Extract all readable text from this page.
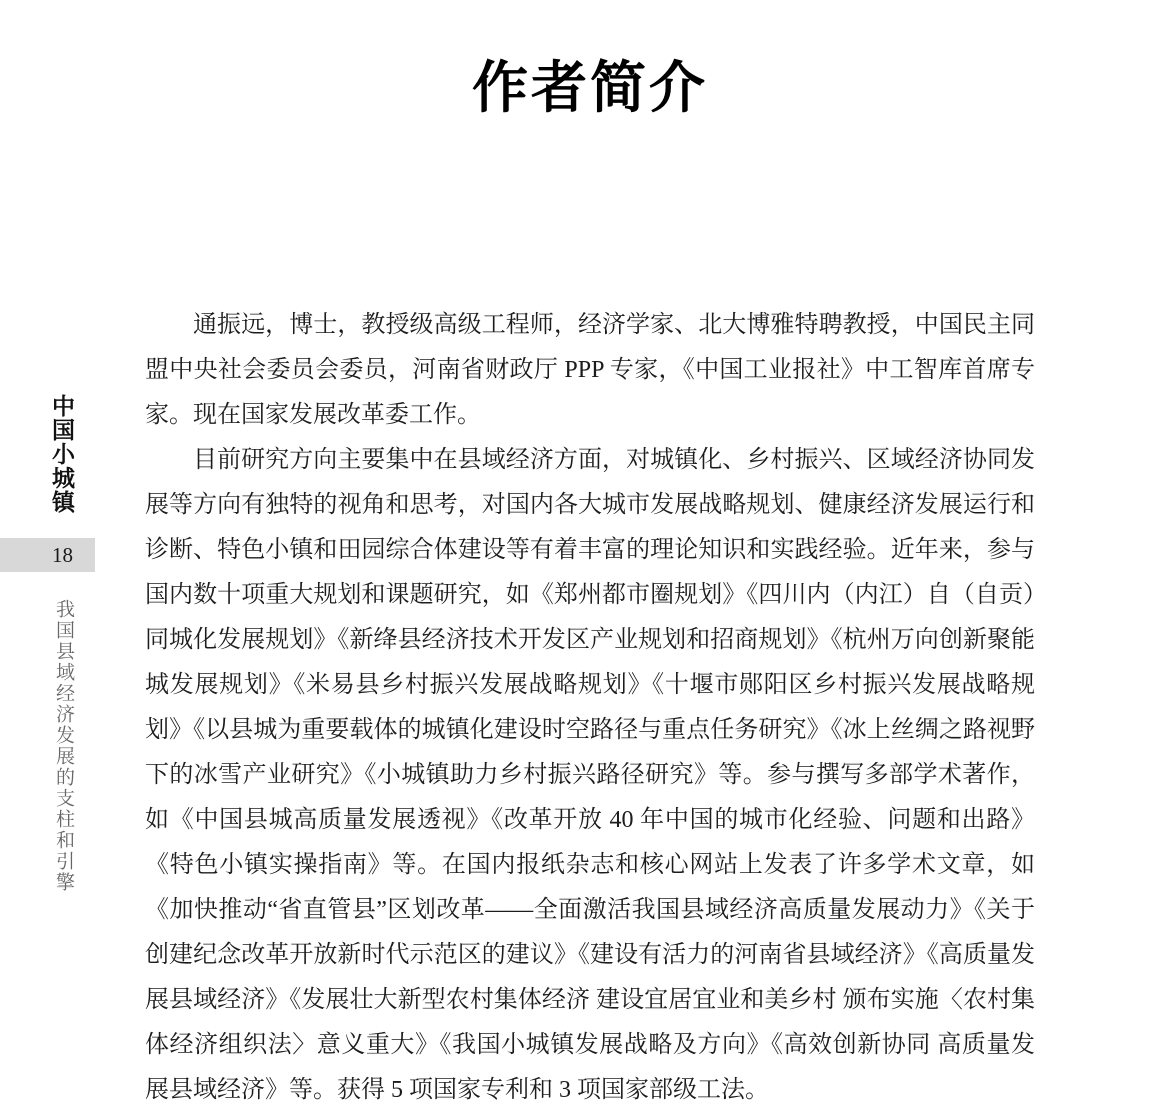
作者简介
中国小城镇
18
我国县域经济发展的支柱和引擎

通振远，博士，教授级高级工程师，经济学家、北大博雅特聘教授，中国民主同盟中央社会委员会委员，河南省财政厅 PPP 专家，《中国工业报社》中工智库首席专家。现在国家发展改革委工作。

目前研究方向主要集中在县域经济方面，对城镇化、乡村振兴、区域经济协同发展等方向有独特的视角和思考，对国内各大城市发展战略规划、健康经济发展运行和诊断、特色小镇和田园综合体建设等有着丰富的理论知识和实践经验。近年来，参与国内数十项重大规划和课题研究，如《郑州都市圈规划》《四川内（内江）自（自贡）同城化发展规划》《新绛县经济技术开发区产业规划和招商规划》《杭州万向创新聚能城发展规划》《米易县乡村振兴发展战略规划》《十堰市郧阳区乡村振兴发展战略规划》《以县城为重要载体的城镇化建设时空路径与重点任务研究》《冰上丝绸之路视野下的冰雪产业研究》《小城镇助力乡村振兴路径研究》等。参与撰写多部学术著作，如《中国县城高质量发展透视》《改革开放 40 年中国的城市化经验、问题和出路》《特色小镇实操指南》等。在国内报纸杂志和核心网站上发表了许多学术文章，如《加快推动“省直管县”区划改革——全面激活我国县域经济高质量发展动力》《关于创建纪念改革开放新时代示范区的建议》《建设有活力的河南省县域经济》《高质量发展县域经济》《发展壮大新型农村集体经济 建设宜居宜业和美乡村 颁布实施〈农村集体经济组织法〉意义重大》《我国小城镇发展战略及方向》《高效创新协同 高质量发展县域经济》等。获得 5 项国家专利和 3 项国家部级工法。
